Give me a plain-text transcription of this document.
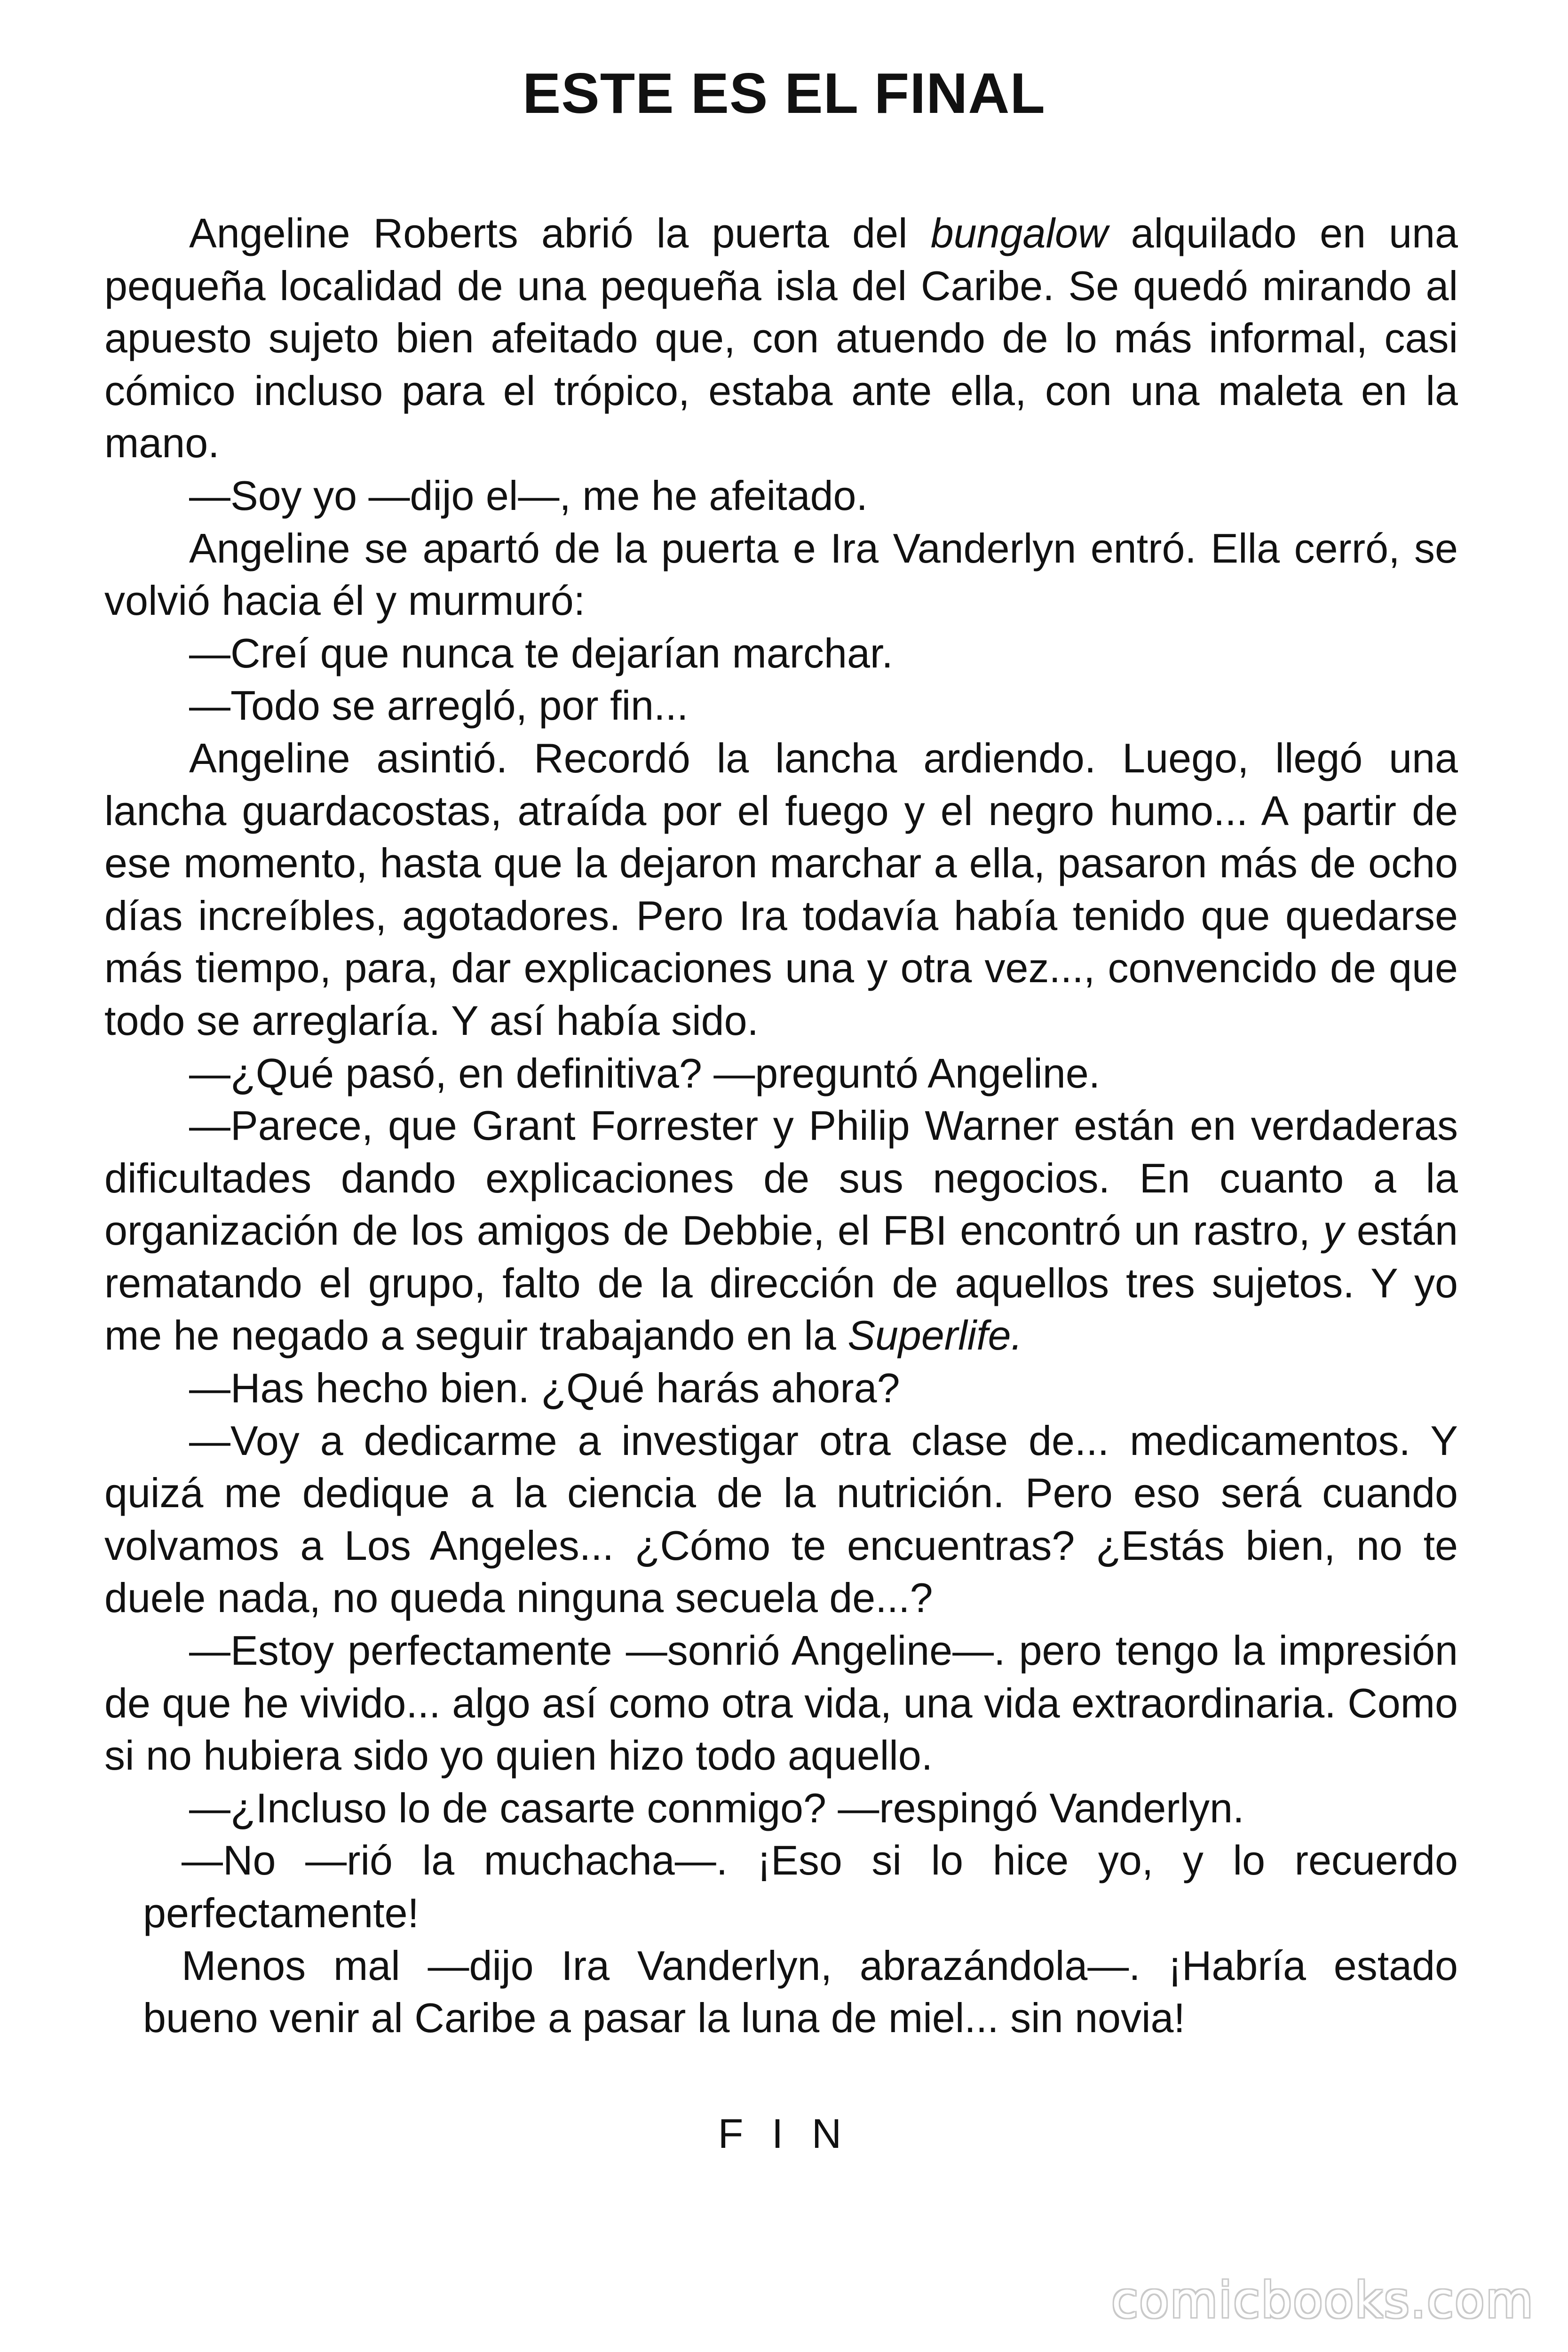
ESTE ES EL FINAL

Angeline Roberts abrió la puerta del bungalow alquilado en una pequeña localidad de una pequeña isla del Caribe. Se quedó mirando al apuesto sujeto bien afeitado que, con atuendo de lo más informal, casi cómico incluso para el trópico, estaba ante ella, con una maleta en la mano.

—Soy yo —dijo el—, me he afeitado.

Angeline se apartó de la puerta e Ira Vanderlyn entró. Ella cerró, se volvió hacia él y murmuró:

—Creí que nunca te dejarían marchar.

—Todo se arregló, por fin...

Angeline asintió. Recordó la lancha ardiendo. Luego, llegó una lancha guardacostas, atraída por el fuego y el negro humo... A partir de ese momento, hasta que la dejaron marchar a ella, pasaron más de ocho días increíbles, agotadores. Pero Ira todavía había tenido que quedarse más tiempo, para, dar explicaciones una y otra vez..., convencido de que todo se arreglaría. Y así había sido.

—¿Qué pasó, en definitiva? —preguntó Angeline.

—Parece, que Grant Forrester y Philip Warner están en verdaderas dificultades dando explicaciones de sus negocios. En cuanto a la organización de los amigos de Debbie, el FBI encontró un rastro, y están rematando el grupo, falto de la dirección de aquellos tres sujetos. Y yo me he negado a seguir trabajando en la Superlife.

—Has hecho bien. ¿Qué harás ahora?

—Voy a dedicarme a investigar otra clase de... medicamentos. Y quizá me dedique a la ciencia de la nutrición. Pero eso será cuando volvamos a Los Angeles... ¿Cómo te encuentras? ¿Estás bien, no te duele nada, no queda ninguna secuela de...?

—Estoy perfectamente —sonrió Angeline—. pero tengo la impresión de que he vivido... algo así como otra vida, una vida extraordinaria. Como si no hubiera sido yo quien hizo todo aquello.

—¿Incluso lo de casarte conmigo? —respingó Vanderlyn.

—No —rió la muchacha—. ¡Eso si lo hice yo, y lo recuerdo perfectamente!

Menos mal —dijo Ira Vanderlyn, abrazándola—. ¡Habría estado bueno venir al Caribe a pasar la luna de miel... sin novia!

F I N
comicbooks.com
